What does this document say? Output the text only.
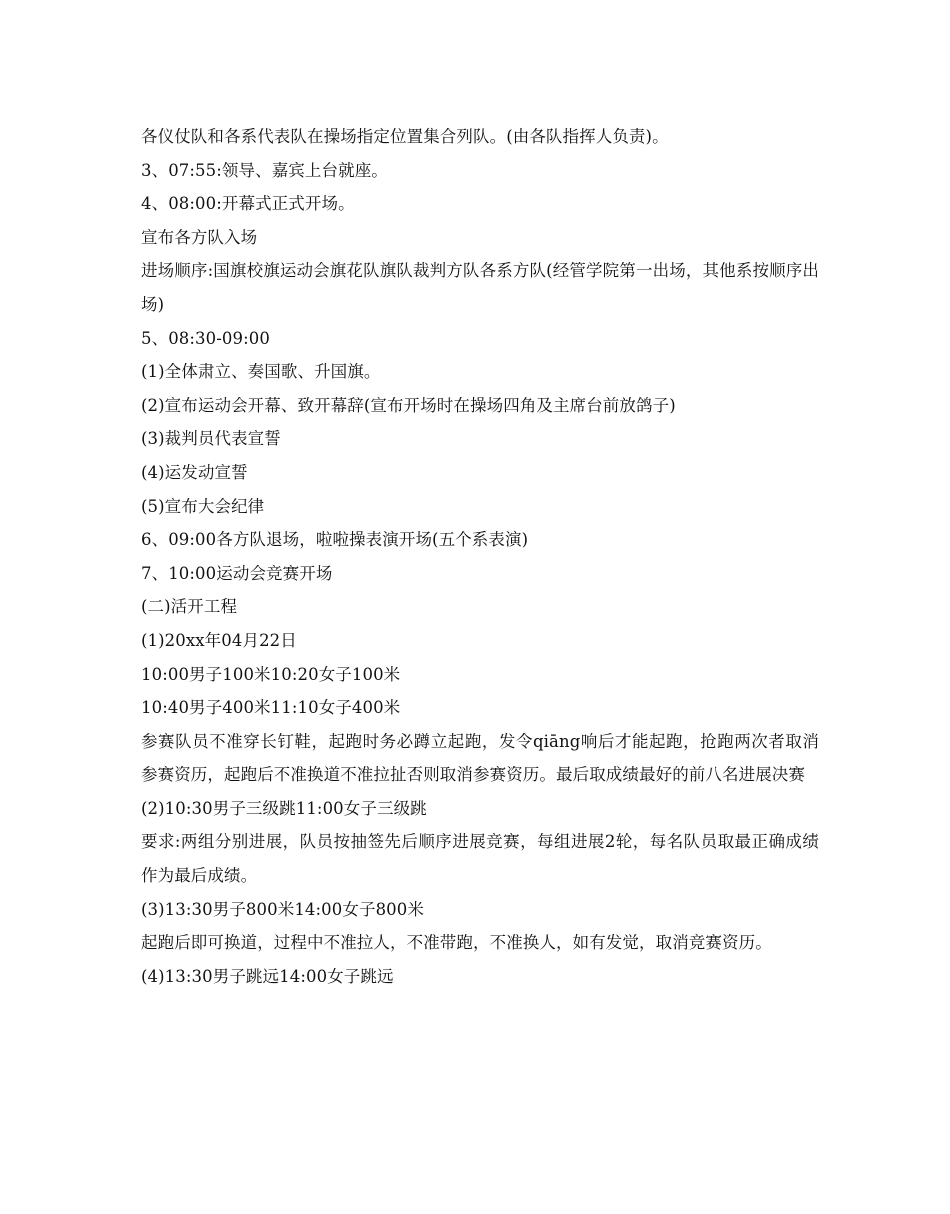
各仪仗队和各系代表队在操场指定位置集合列队。(由各队指挥人负责)。
3、07:55:领导、嘉宾上台就座。
4、08:00:开幕式正式开场。
宣布各方队入场
进场顺序:国旗校旗运动会旗花队旗队裁判方队各系方队(经管学院第一出场，其他系按顺序出场)
5、08:30-09:00
(1)全体肃立、奏国歌、升国旗。
(2)宣布运动会开幕、致开幕辞(宣布开场时在操场四角及主席台前放鸽子)
(3)裁判员代表宣誓
(4)运发动宣誓
(5)宣布大会纪律
6、09:00各方队退场，啦啦操表演开场(五个系表演)
7、10:00运动会竞赛开场
(二)活开工程
(1)20xx年04月22日
10:00男子100米10:20女子100米
10:40男子400米11:10女子400米
参赛队员不准穿长钉鞋，起跑时务必蹲立起跑，发令qiāng响后才能起跑，抢跑两次者取消参赛资历，起跑后不准换道不准拉扯否则取消参赛资历。最后取成绩最好的前八名进展决赛
(2)10:30男子三级跳11:00女子三级跳
要求:两组分别进展，队员按抽签先后顺序进展竞赛，每组进展2轮，每名队员取最正确成绩作为最后成绩。
(3)13:30男子800米14:00女子800米
起跑后即可换道，过程中不准拉人，不准带跑，不准换人，如有发觉，取消竞赛资历。
(4)13:30男子跳远14:00女子跳远
